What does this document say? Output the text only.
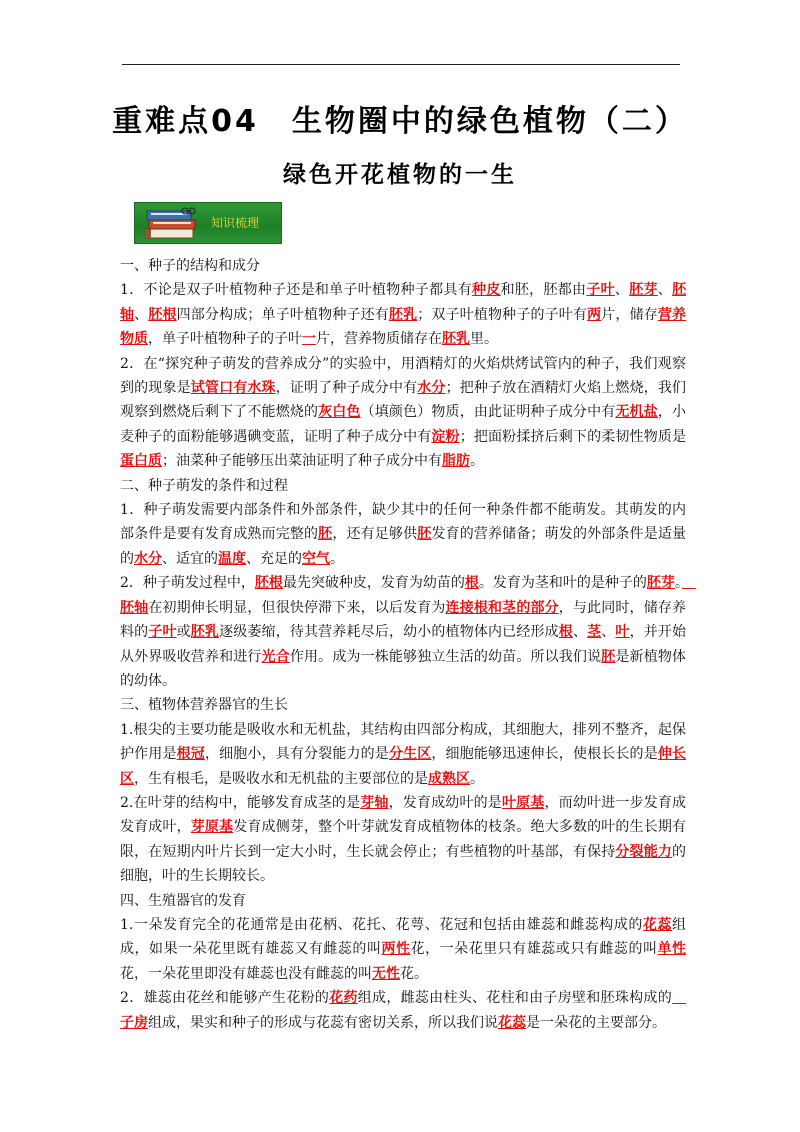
重难点04　生物圈中的绿色植物（二）
绿色开花植物的一生
知识梳理

一、种子的结构和成分

1．不论是双子叶植物种子还是和单子叶植物种子都具有种皮和胚，胚都由子叶、胚芽、胚轴、胚根四部分构成；单子叶植物种子还有胚乳；双子叶植物种子的子叶有两片，储存营养物质，单子叶植物种子的子叶一片，营养物质储存在胚乳里。

2．在“探究种子萌发的营养成分”的实验中，用酒精灯的火焰烘烤试管内的种子，我们观察到的现象是试管口有水珠，证明了种子成分中有水分；把种子放在酒精灯火焰上燃烧，我们观察到燃烧后剩下了不能燃烧的灰白色（填颜色）物质，由此证明种子成分中有无机盐，小麦种子的面粉能够遇碘变蓝，证明了种子成分中有淀粉；把面粉揉挤后剩下的柔韧性物质是蛋白质；油菜种子能够压出菜油证明了种子成分中有脂肪。

二、种子萌发的条件和过程

1．种子萌发需要内部条件和外部条件，缺少其中的任何一种条件都不能萌发。其萌发的内部条件是要有发育成熟而完整的胚，还有足够供胚发育的营养储备；萌发的外部条件是适量的水分、适宜的温度、充足的空气。

2．种子萌发过程中，胚根最先突破种皮，发育为幼苗的根。发育为茎和叶的是种子的胚芽。　胚轴在初期伸长明显，但很快停滞下来，以后发育为连接根和茎的部分，与此同时，储存养料的子叶或胚乳逐级萎缩，待其营养耗尽后，幼小的植物体内已经形成根、茎、叶，并开始从外界吸收营养和进行光合作用。成为一株能够独立生活的幼苗。所以我们说胚是新植物体的幼体。

三、植物体营养器官的生长

1.根尖的主要功能是吸收水和无机盐，其结构由四部分构成，其细胞大，排列不整齐，起保护作用是根冠，细胞小，具有分裂能力的是分生区，细胞能够迅速伸长，使根长长的是伸长区，生有根毛，是吸收水和无机盐的主要部位的是成熟区。

2.在叶芽的结构中，能够发育成茎的是芽轴，发育成幼叶的是叶原基，而幼叶进一步发育成发育成叶，芽原基发育成侧芽，整个叶芽就发育成植物体的枝条。绝大多数的叶的生长期有限，在短期内叶片长到一定大小时，生长就会停止；有些植物的叶基部，有保持分裂能力的细胞，叶的生长期较长。

四、生殖器官的发育

1.一朵发育完全的花通常是由花柄、花托、花萼、花冠和包括由雄蕊和雌蕊构成的花蕊组成，如果一朵花里既有雄蕊又有雌蕊的叫两性花，一朵花里只有雄蕊或只有雌蕊的叫单性花，一朵花里即没有雄蕊也没有雌蕊的叫无性花。

2．雄蕊由花丝和能够产生花粉的花药组成，雌蕊由柱头、花柱和由子房壁和胚珠构成的　子房组成，果实和种子的形成与花蕊有密切关系，所以我们说花蕊是一朵花的主要部分。
